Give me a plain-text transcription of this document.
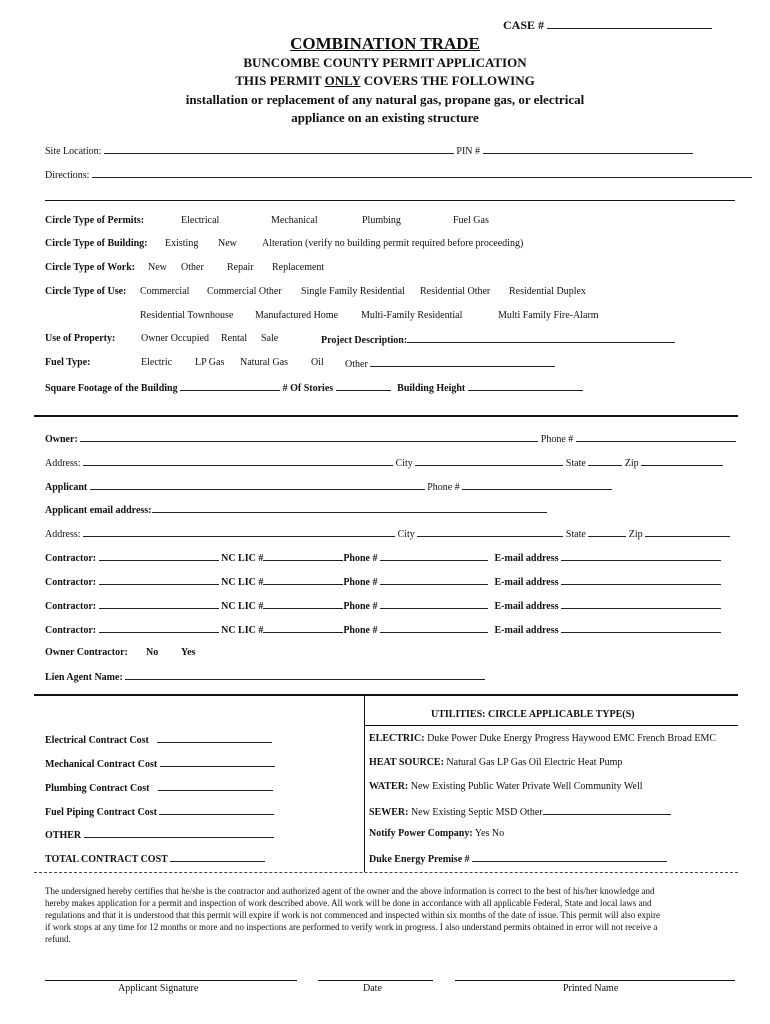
CASE #
COMBINATION TRADE
BUNCOMBE COUNTY PERMIT APPLICATION
THIS PERMIT ONLY COVERS THE FOLLOWING
installation or replacement of any natural gas, propane gas, or electrical
appliance on an existing structure
Site Location:	PIN #
Directions:
Circle Type of Permits:	Electrical	Mechanical	Plumbing	Fuel Gas
Circle Type of Building: Existing New	Alteration (verify no building permit required before proceeding)
Circle Type of Work: New Other Repair Replacement
Circle Type of Use: Commercial Commercial Other Single Family Residential Residential Other Residential Duplex
Residential Townhouse Manufactured Home Multi-Family Residential	Multi Family Fire-Alarm
Use of Property:	Owner Occupied Rental Sale	Project Description:
Fuel Type:	Electric LP Gas Natural Gas Oil Other
Square Footage of the Building	# Of Stories	Building Height
Owner:	Phone #
Address:	City	State	Zip
Applicant	Phone #
Applicant email address:
Address:	City	State	Zip
Contractor:	NC LIC #	Phone #	E-mail address
Contractor:	NC LIC #	Phone #	E-mail address
Contractor:	NC LIC #	Phone #	E-mail address
Contractor:	NC LIC #	Phone #	E-mail address
Owner Contractor: No Yes
Lien Agent Name:
UTILITIES: CIRCLE APPLICABLE TYPE(S)
Electrical Contract Cost
Mechanical Contract Cost
Plumbing Contract Cost
Fuel Piping Contract Cost
OTHER
TOTAL CONTRACT COST
ELECTRIC: Duke Power Duke Energy Progress Haywood EMC French Broad EMC
HEAT SOURCE: Natural Gas LP Gas Oil Electric Heat Pump
WATER: New Existing Public Water Private Well Community Well
SEWER: New Existing Septic MSD Other
Notify Power Company: Yes No
Duke Energy Premise #
The undersigned hereby certifies that he/she is the contractor and authorized agent of the owner and the above information is correct to the best of his/her knowledge and
hereby makes application for a permit and inspection of work described above. All work will be done in accordance with all applicable Federal, State and local laws and
regulations and that it is understood that this permit will expire if work is not commenced and inspected within six months of the date of issue. This permit will also expire
if work stops at any time for 12 months or more and no inspections are performed to verify work in progress. I also understand permits obtained in error will not receive a
refund.
Applicant Signature	Date	Printed Name
